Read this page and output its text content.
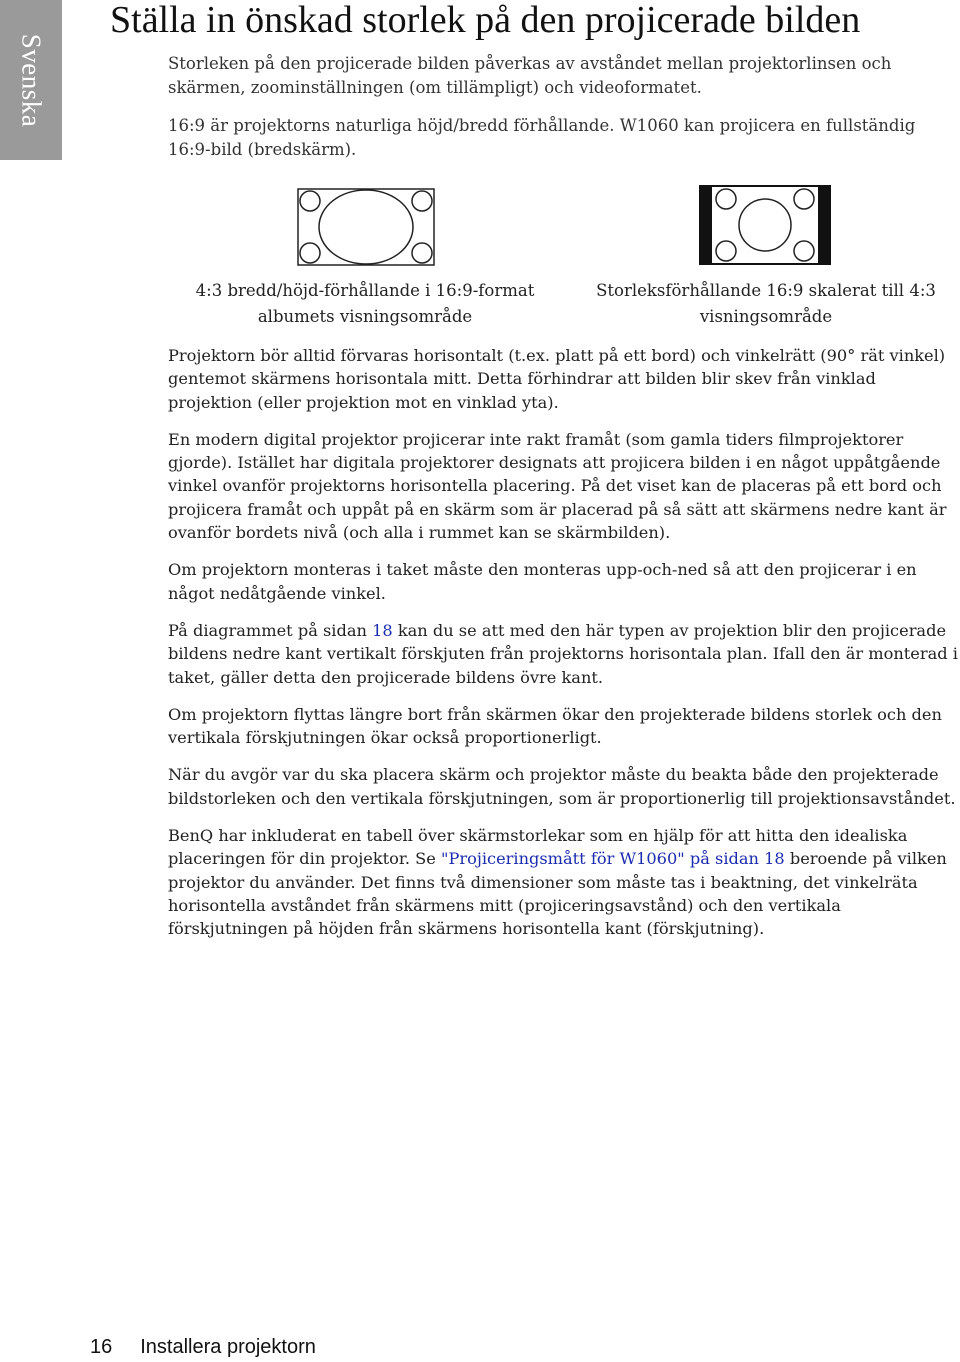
Svenska
Ställa in önskad storlek på den projicerade bilden

Storleken på den projicerade bilden påverkas av avståndet mellan projektorlinsen och skärmen, zoominställningen (om tillämpligt) och videoformatet.

16:9 är projektorns naturliga höjd/bredd förhållande. W1060 kan projicera en fullständig 16:9-bild (bredskärm).

4:3 bredd/höjd-förhållande i 16:9-format
albumets visningsområde
Storleksförhållande 16:9 skalerat till 4:3
visningsområde

Projektorn bör alltid förvaras horisontalt (t.ex. platt på ett bord) och vinkelrätt (90° rät vinkel) gentemot skärmens horisontala mitt. Detta förhindrar att bilden blir skev från vinklad projektion (eller projektion mot en vinklad yta).

En modern digital projektor projicerar inte rakt framåt (som gamla tiders filmprojektorer gjorde). Istället har digitala projektorer designats att projicera bilden i en något uppåtgående vinkel ovanför projektorns horisontella placering. På det viset kan de placeras på ett bord och projicera framåt och uppåt på en skärm som är placerad på så sätt att skärmens nedre kant är ovanför bordets nivå (och alla i rummet kan se skärmbilden).

Om projektorn monteras i taket måste den monteras upp-och-ned så att den projicerar i en något nedåtgående vinkel.

På diagrammet på sidan 18 kan du se att med den här typen av projektion blir den projicerade bildens nedre kant vertikalt förskjuten från projektorns horisontala plan. Ifall den är monterad i taket, gäller detta den projicerade bildens övre kant.

Om projektorn flyttas längre bort från skärmen ökar den projekterade bildens storlek och den vertikala förskjutningen ökar också proportionerligt.

När du avgör var du ska placera skärm och projektor måste du beakta både den projekterade bildstorleken och den vertikala förskjutningen, som är proportionerlig till projektionsavståndet.

BenQ har inkluderat en tabell över skärmstorlekar som en hjälp för att hitta den idealiska placeringen för din projektor. Se "Projiceringsmått för W1060" på sidan 18 beroende på vilken projektor du använder. Det finns två dimensioner som måste tas i beaktning, det vinkelräta horisontella avståndet från skärmens mitt (projiceringsavstånd) och den vertikala förskjutningen på höjden från skärmens horisontella kant (förskjutning).

16 Installera projektorn
